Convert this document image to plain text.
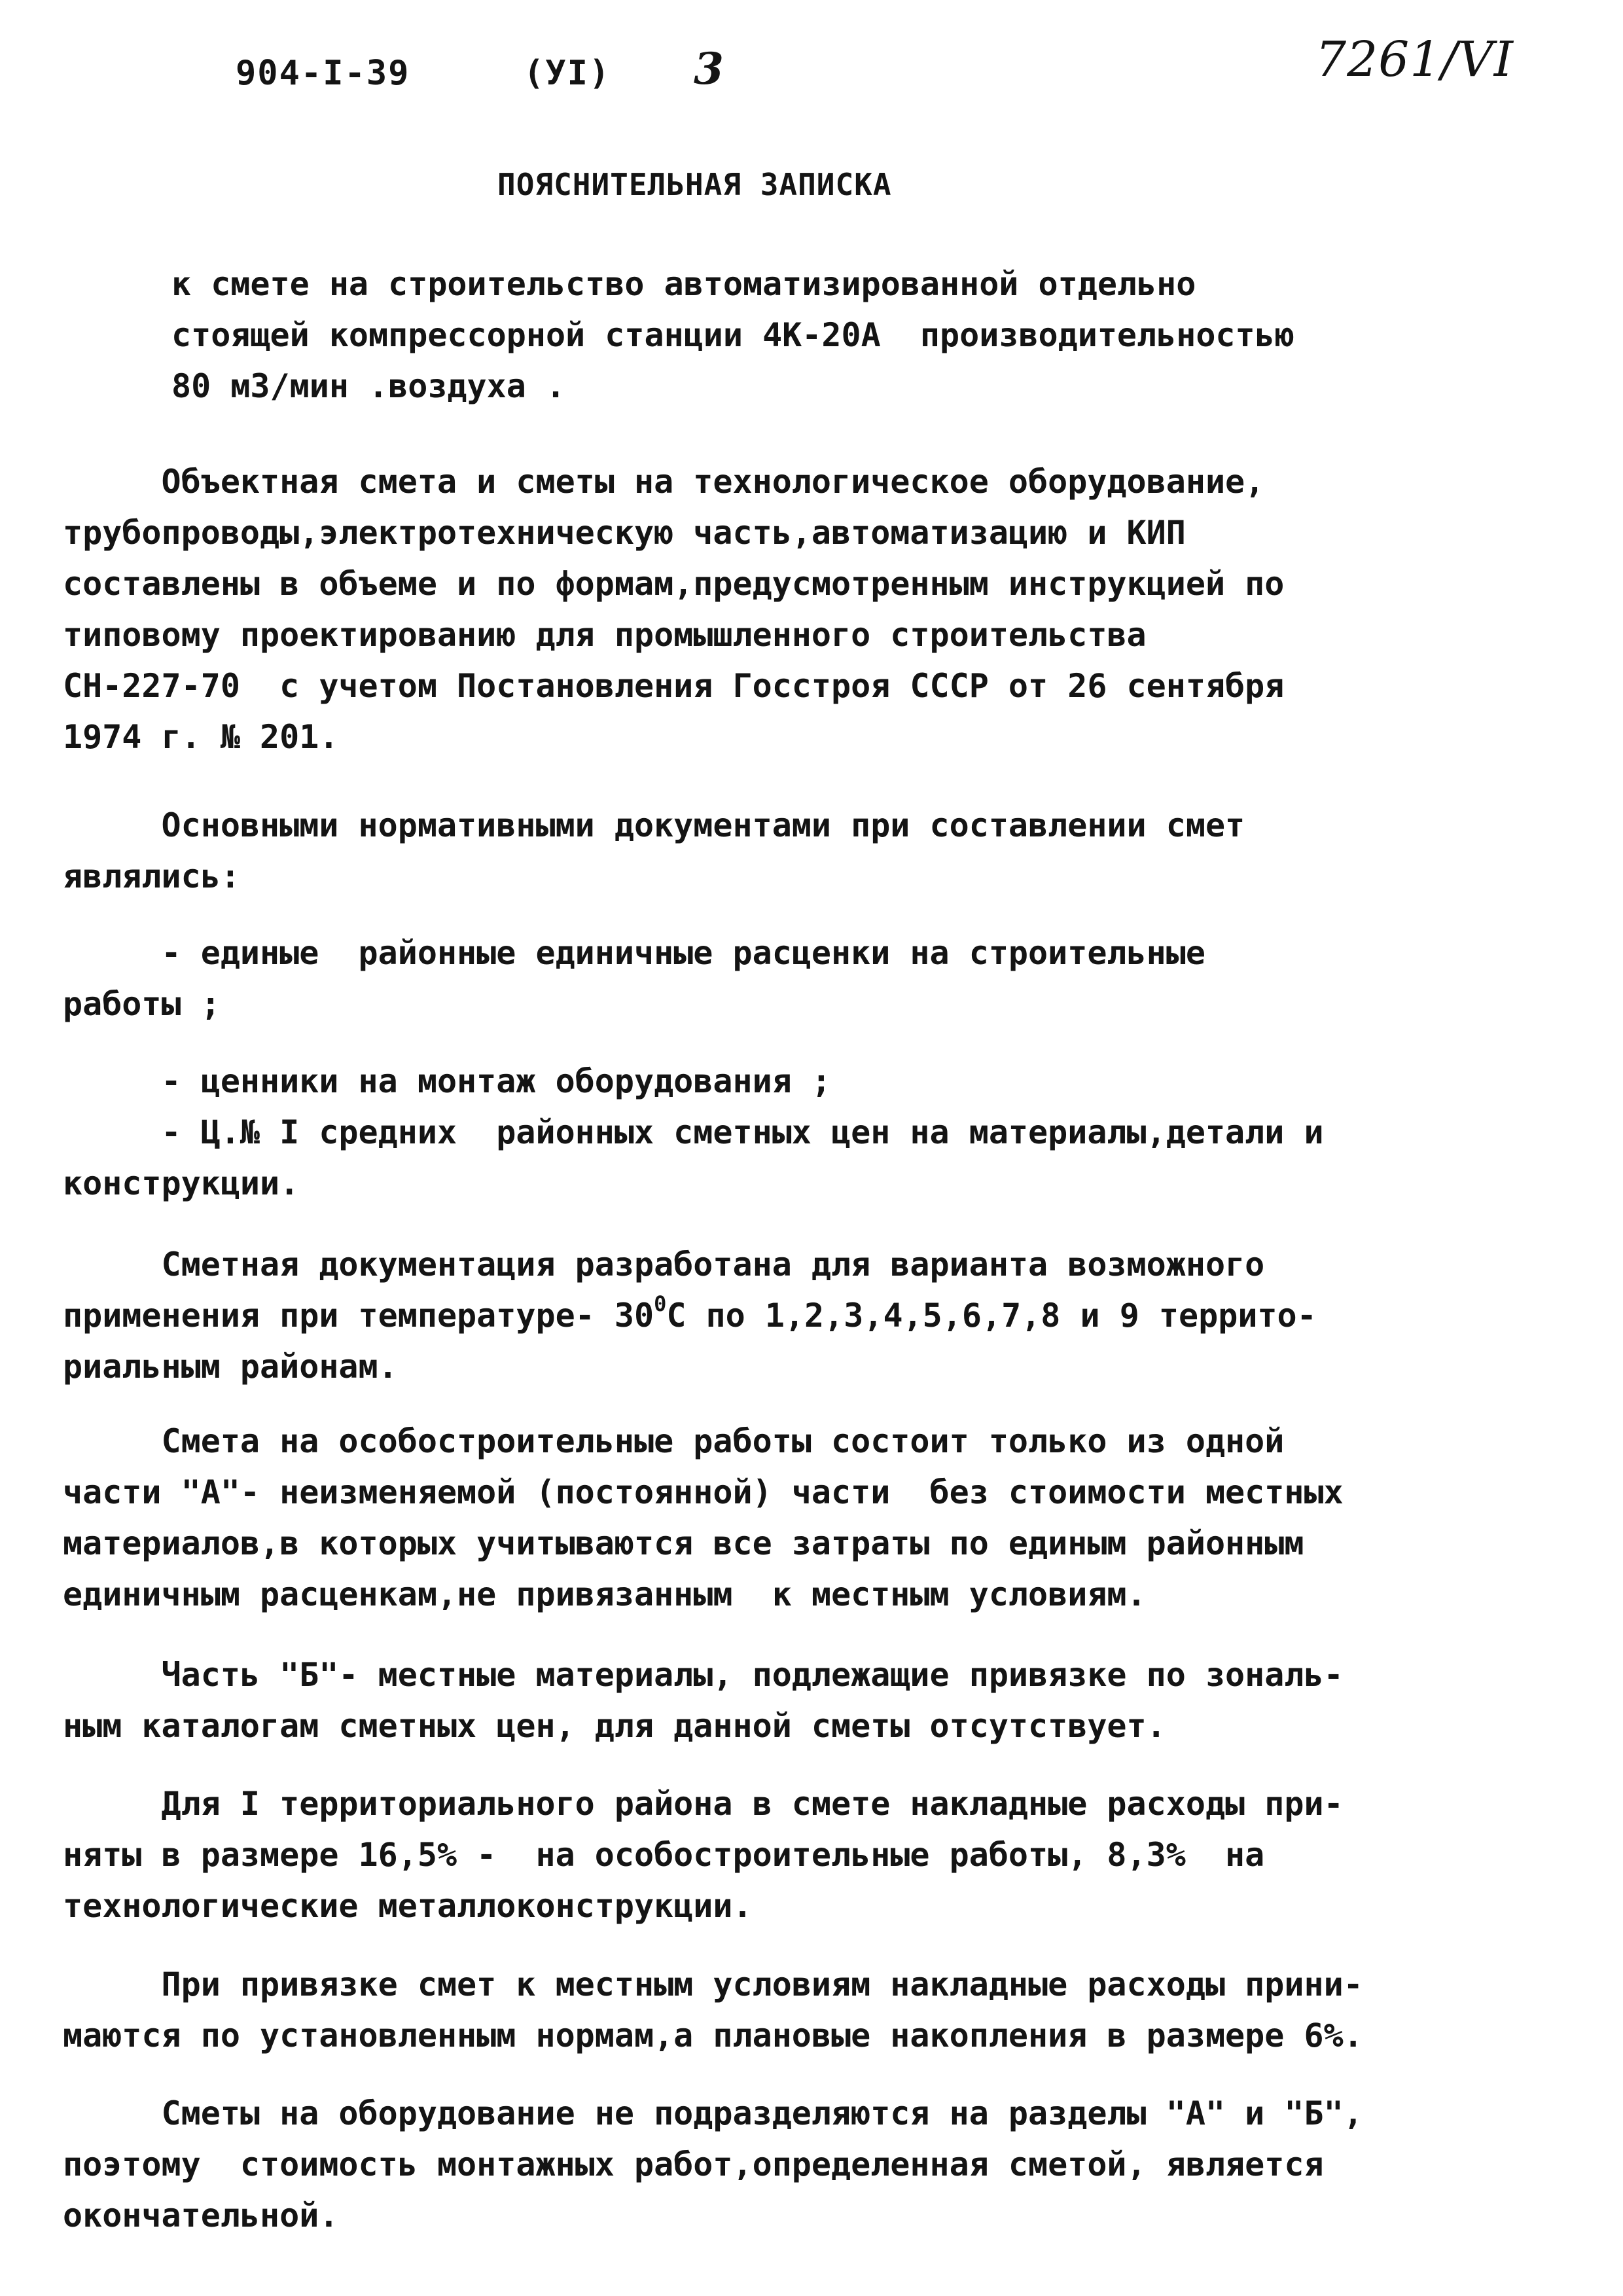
904-I-39	(УI) 3	7261/VI
ПОЯСНИТЕЛЬНАЯ ЗАПИСКА
к смете на строительство автоматизированной отдельно
стоящей компрессорной станции 4К-20А  производительностью
80 м3/мин .воздуха .
Объектная смета и сметы на технологическое оборудование,
трубопроводы,электротехническую часть,автоматизацию и КИП
составлены в объеме и по формам,предусмотренным инструкцией по
типовому проектированию для промышленного строительства
СН-227-70  с учетом Постановления Госстроя СССР от 26 сентября
1974 г. № 201.
Основными нормативными документами при составлении смет
являлись:
- единые  районные единичные расценки на строительные
работы ;
- ценники на монтаж оборудования ;
- Ц.№ I средних  районных сметных цен на материалы,детали и
конструкции.
Сметная документация разработана для варианта возможного
применения при температуре- $30^0C$ по 1,2,3,4,5,6,7,8 и 9 террито-
риальным районам.
Смета на особостроительные работы состоит только из одной
части "А"- неизменяемой (постоянной) части  без стоимости местных
материалов,в которых учитываются все затраты по единым районным
единичным расценкам,не привязанным  к местным условиям.
Часть "Б"- местные материалы, подлежащие привязке по зональ-
ным каталогам сметных цен, для данной сметы отсутствует.
Для I территориального района в смете накладные расходы при-
няты в размере 16,5% -  на особостроительные работы, 8,3%  на
технологические металлоконструкции.
При привязке смет к местным условиям накладные расходы прини-
маются по установленным нормам,а плановые накопления в размере 6%.
Сметы на оборудование не подразделяются на разделы "А" и "Б",
поэтому  стоимость монтажных работ,определенная сметой, является
окончательной.
